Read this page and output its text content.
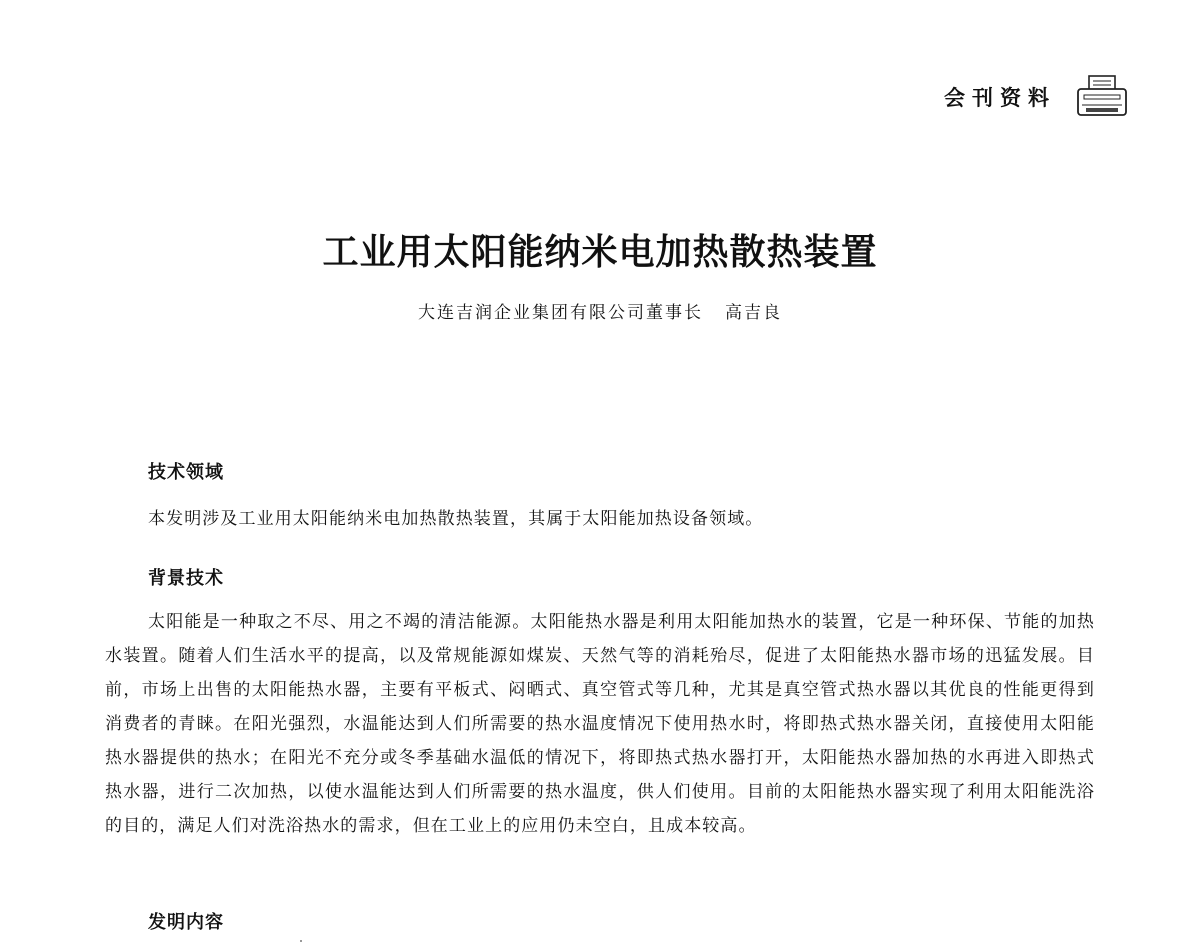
会刊资料
工业用太阳能纳米电加热散热装置
大连吉润企业集团有限公司董事长 高吉良
技术领域

本发明涉及工业用太阳能纳米电加热散热装置，其属于太阳能加热设备领域。

背景技术

太阳能是一种取之不尽、用之不竭的清洁能源。太阳能热水器是利用太阳能加热水的装置，它是一种环保、节能的加热水装置。随着人们生活水平的提高，以及常规能源如煤炭、天然气等的消耗殆尽，促进了太阳能热水器市场的迅猛发展。目前，市场上出售的太阳能热水器，主要有平板式、闷晒式、真空管式等几种，尤其是真空管式热水器以其优良的性能更得到消费者的青睐。在阳光强烈，水温能达到人们所需要的热水温度情况下使用热水时，将即热式热水器关闭，直接使用太阳能热水器提供的热水；在阳光不充分或冬季基础水温低的情况下，将即热式热水器打开，太阳能热水器加热的水再进入即热式热水器，进行二次加热，以使水温能达到人们所需要的热水温度，供人们使用。目前的太阳能热水器实现了利用太阳能洗浴的目的，满足人们对洗浴热水的需求，但在工业上的应用仍未空白，且成本较高。

发明内容
